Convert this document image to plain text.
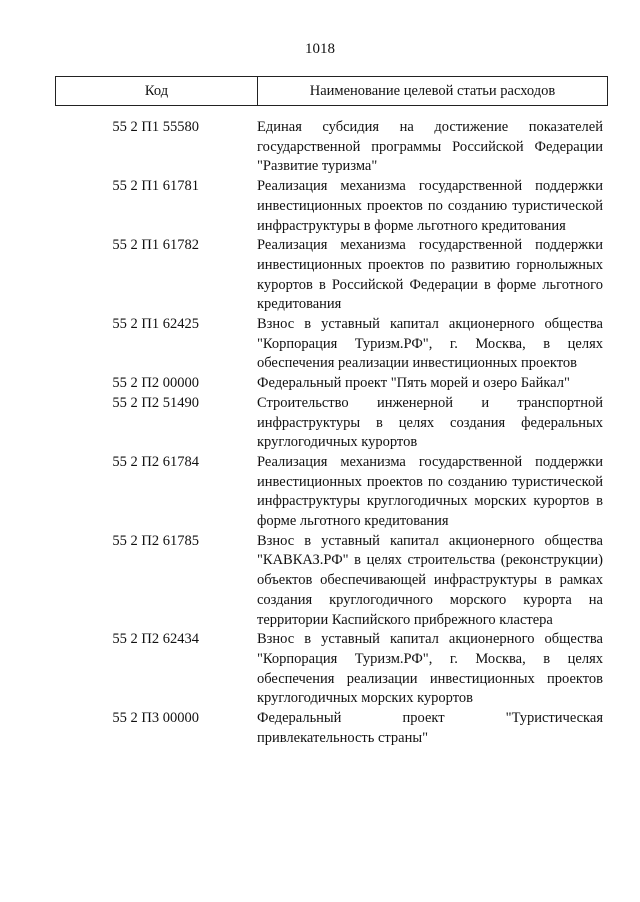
1018
Код	Наименование целевой статьи расходов
55 2 П1 55580	Единая субсидия на достижение показателей государственной программы Российской Федерации "Развитие туризма"
55 2 П1 61781	Реализация механизма государственной поддержки инвестиционных проектов по созданию туристической инфраструктуры в форме льготного кредитования
55 2 П1 61782	Реализация механизма государственной поддержки инвестиционных проектов по развитию горнолыжных курортов в Российской Федерации в форме льготного кредитования
55 2 П1 62425	Взнос в уставный капитал акционерного общества "Корпорация Туризм.РФ", г. Москва, в целях обеспечения реализации инвестиционных проектов
55 2 П2 00000	Федеральный проект "Пять морей и озеро Байкал"
55 2 П2 51490	Строительство инженерной и транспортной инфраструктуры в целях создания федеральных круглогодичных курортов
55 2 П2 61784	Реализация механизма государственной поддержки инвестиционных проектов по созданию туристической инфраструктуры круглогодичных морских курортов в форме льготного кредитования
55 2 П2 61785	Взнос в уставный капитал акционерного общества "КАВКАЗ.РФ" в целях строительства (реконструкции) объектов обеспечивающей инфраструктуры в рамках создания круглогодичного морского курорта на территории Каспийского прибрежного кластера
55 2 П2 62434	Взнос в уставный капитал акционерного общества "Корпорация Туризм.РФ", г. Москва, в целях обеспечения реализации инвестиционных проектов круглогодичных морских курортов
55 2 П3 00000	Федеральный проект "Туристическая привлекательность страны"
